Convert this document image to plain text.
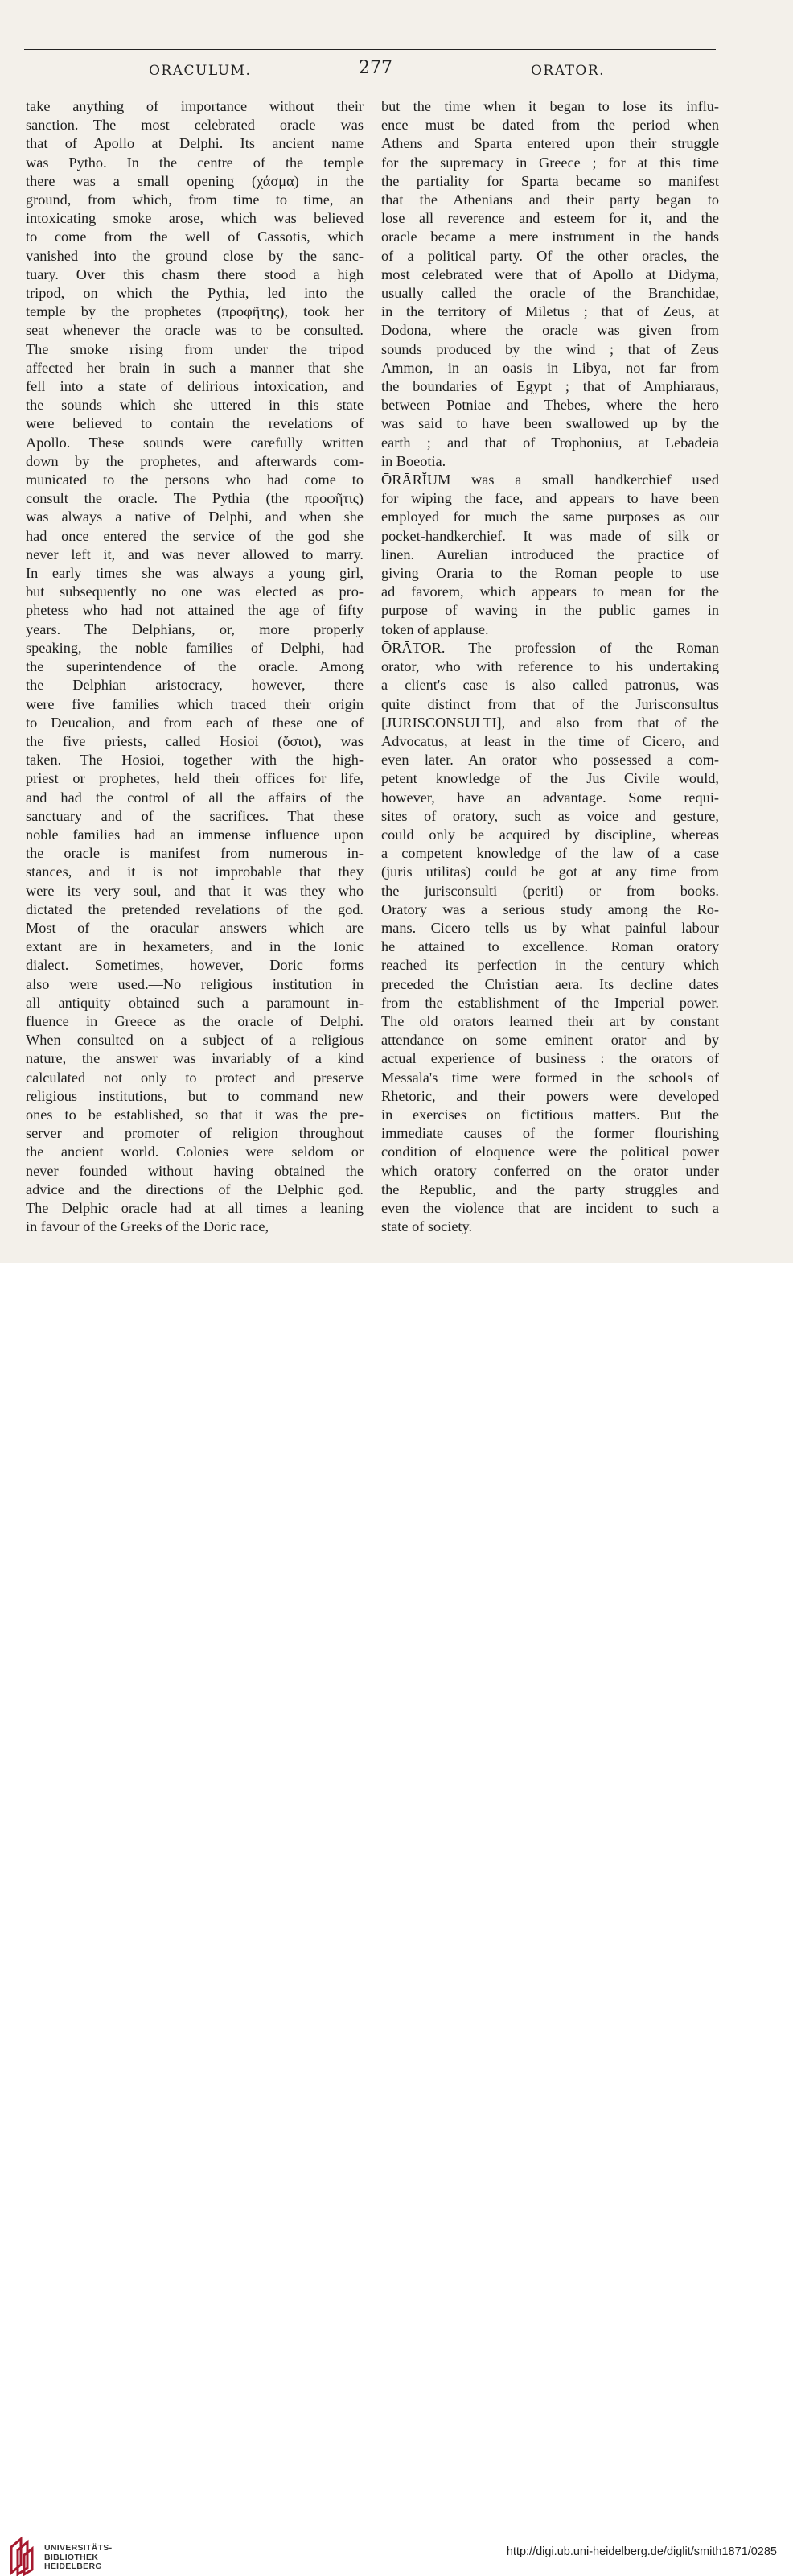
ORACULUM.	277	ORATOR.
take anything of importance without their
sanction.—The most celebrated oracle was
that of Apollo at Delphi. Its ancient name
was Pytho. In the centre of the temple
there was a small opening (χάσμα) in the
ground, from which, from time to time, an
intoxicating smoke arose, which was believed
to come from the well of Cassotis, which
vanished into the ground close by the sanc-
tuary. Over this chasm there stood a high
tripod, on which the Pythia, led into the
temple by the prophetes (προφῆτης), took her
seat whenever the oracle was to be consulted.
The smoke rising from under the tripod
affected her brain in such a manner that she
fell into a state of delirious intoxication, and
the sounds which she uttered in this state
were believed to contain the revelations of
Apollo. These sounds were carefully written
down by the prophetes, and afterwards com-
municated to the persons who had come to
consult the oracle. The Pythia (the προφῆτις)
was always a native of Delphi, and when she
had once entered the service of the god she
never left it, and was never allowed to marry.
In early times she was always a young girl,
but subsequently no one was elected as pro-
phetess who had not attained the age of fifty
years. The Delphians, or, more properly
speaking, the noble families of Delphi, had
the superintendence of the oracle. Among
the Delphian aristocracy, however, there
were five families which traced their origin
to Deucalion, and from each of these one of
the five priests, called Hosioi (ὅσιοι), was
taken. The Hosioi, together with the high-
priest or prophetes, held their offices for life,
and had the control of all the affairs of the
sanctuary and of the sacrifices. That these
noble families had an immense influence upon
the oracle is manifest from numerous in-
stances, and it is not improbable that they
were its very soul, and that it was they who
dictated the pretended revelations of the god.
Most of the oracular answers which are
extant are in hexameters, and in the Ionic
dialect. Sometimes, however, Doric forms
also were used.—No religious institution in
all antiquity obtained such a paramount in-
fluence in Greece as the oracle of Delphi.
When consulted on a subject of a religious
nature, the answer was invariably of a kind
calculated not only to protect and preserve
religious institutions, but to command new
ones to be established, so that it was the pre-
server and promoter of religion throughout
the ancient world. Colonies were seldom or
never founded without having obtained the
advice and the directions of the Delphic god.
The Delphic oracle had at all times a leaning
in favour of the Greeks of the Doric race,
but the time when it began to lose its influ-
ence must be dated from the period when
Athens and Sparta entered upon their struggle
for the supremacy in Greece ; for at this time
the partiality for Sparta became so manifest
that the Athenians and their party began to
lose all reverence and esteem for it, and the
oracle became a mere instrument in the hands
of a political party. Of the other oracles, the
most celebrated were that of Apollo at Didyma,
usually called the oracle of the Branchidae,
in the territory of Miletus ; that of Zeus, at
Dodona, where the oracle was given from
sounds produced by the wind ; that of Zeus
Ammon, in an oasis in Libya, not far from
the boundaries of Egypt ; that of Amphiaraus,
between Potniae and Thebes, where the hero
was said to have been swallowed up by the
earth ; and that of Trophonius, at Lebadeia
in Boeotia.
ŌRĀRĬUM was a small handkerchief used
for wiping the face, and appears to have been
employed for much the same purposes as our
pocket-handkerchief. It was made of silk or
linen. Aurelian introduced the practice of
giving Oraria to the Roman people to use
ad favorem, which appears to mean for the
purpose of waving in the public games in
token of applause.
ŌRĀTOR. The profession of the Roman
orator, who with reference to his undertaking
a client's case is also called patronus, was
quite distinct from that of the Jurisconsultus
[JURISCONSULTI], and also from that of the
Advocatus, at least in the time of Cicero, and
even later. An orator who possessed a com-
petent knowledge of the Jus Civile would,
however, have an advantage. Some requi-
sites of oratory, such as voice and gesture,
could only be acquired by discipline, whereas
a competent knowledge of the law of a case
(juris utilitas) could be got at any time from
the jurisconsulti (periti) or from books.
Oratory was a serious study among the Ro-
mans. Cicero tells us by what painful labour
he attained to excellence. Roman oratory
reached its perfection in the century which
preceded the Christian aera. Its decline dates
from the establishment of the Imperial power.
The old orators learned their art by constant
attendance on some eminent orator and by
actual experience of business : the orators of
Messala's time were formed in the schools of
Rhetoric, and their powers were developed
in exercises on fictitious matters. But the
immediate causes of the former flourishing
condition of eloquence were the political power
which oratory conferred on the orator under
the Republic, and the party struggles and
even the violence that are incident to such a
state of society.
UNIVERSITÄTS-
BIBLIOTHEK
HEIDELBERG
http://digi.ub.uni-heidelberg.de/diglit/smith1871/0285
